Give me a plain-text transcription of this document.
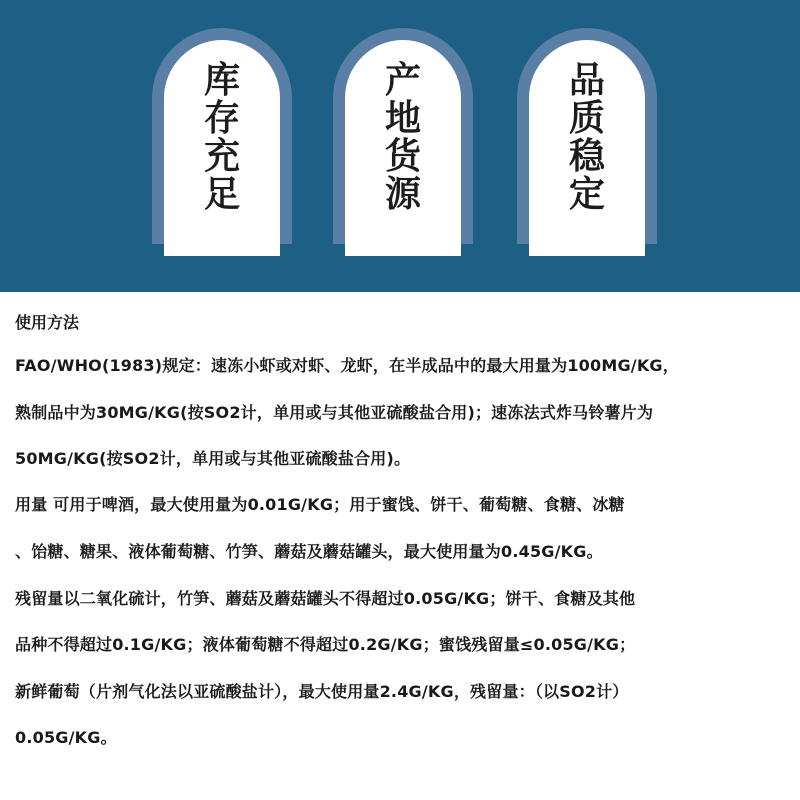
库
存
充
足
产
地
货
源
品
质
稳
定
使用方法
FAO/WHO(1983)规定：速冻小虾或对虾、龙虾，在半成品中的最大用量为100MG/KG，
熟制品中为30MG/KG(按SO2计，单用或与其他亚硫酸盐合用)；速冻法式炸马铃薯片为
50MG/KG(按SO2计，单用或与其他亚硫酸盐合用)。
用量 可用于啤酒，最大使用量为0.01G/KG；用于蜜饯、饼干、葡萄糖、食糖、冰糖
、饴糖、糖果、液体葡萄糖、竹笋、蘑菇及蘑菇罐头，最大使用量为0.45G/KG。
残留量以二氧化硫计，竹笋、蘑菇及蘑菇罐头不得超过0.05G/KG；饼干、食糖及其他
品种不得超过0.1G/KG；液体葡萄糖不得超过0.2G/KG；蜜饯残留量≤0.05G/KG；
新鲜葡萄（片剂气化法以亚硫酸盐计），最大使用量2.4G/KG，残留量：（以SO2计）
0.05G/KG。
